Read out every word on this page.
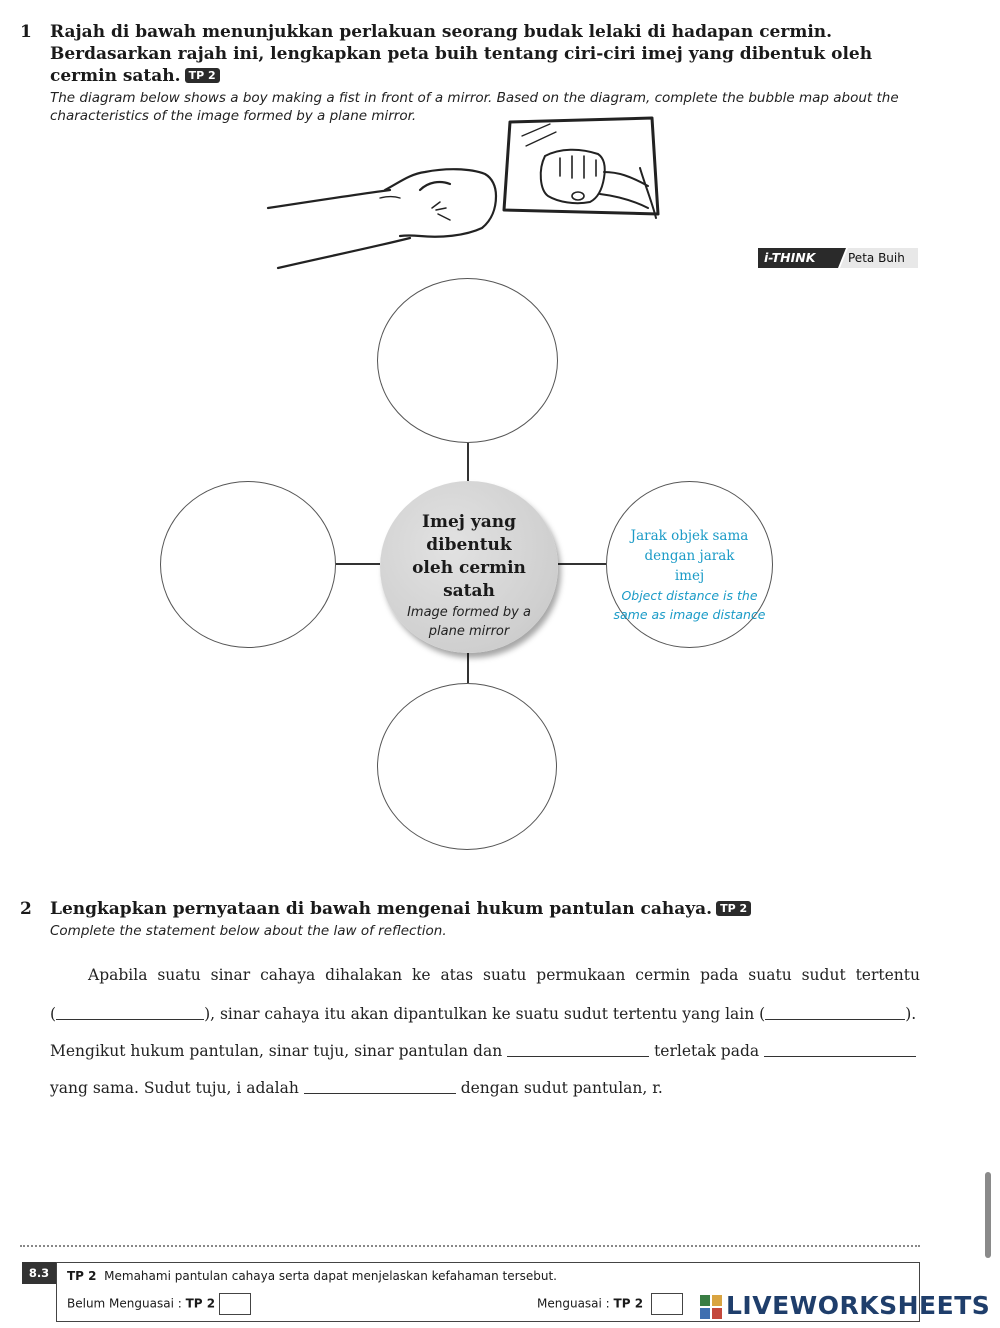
1 Rajah di bawah menunjukkan perlakuan seorang budak lelaki di hadapan cermin. Berdasarkan rajah ini, lengkapkan peta buih tentang ciri-ciri imej yang dibentuk oleh cermin satah. TP 2
The diagram below shows a boy making a fist in front of a mirror. Based on the diagram, complete the bubble map about the characteristics of the image formed by a plane mirror.
i-THINK	Peta Buih
Jarak objek sama dengan jarak imej
Object distance is the same as image distance
Imej yang dibentuk oleh cermin satah
Image formed by a plane mirror
2 Lengkapkan pernyataan di bawah mengenai hukum pantulan cahaya. TP 2
Complete the statement below about the law of reflection.
Apabila suatu sinar cahaya dihalakan ke atas suatu permukaan cermin pada suatu sudut tertentu
(	), sinar cahaya itu akan dipantulkan ke suatu sudut tertentu yang lain (	).
Mengikut hukum pantulan, sinar tuju, sinar pantulan dan	terletak pada
yang sama. Sudut tuju, i adalah	dengan sudut pantulan, r.
8.3	TP 2 Memahami pantulan cahaya serta dapat menjelaskan kefahaman tersebut.
Belum Menguasai : TP 2	Menguasai : TP 2	LIVEWORKSHEETS
